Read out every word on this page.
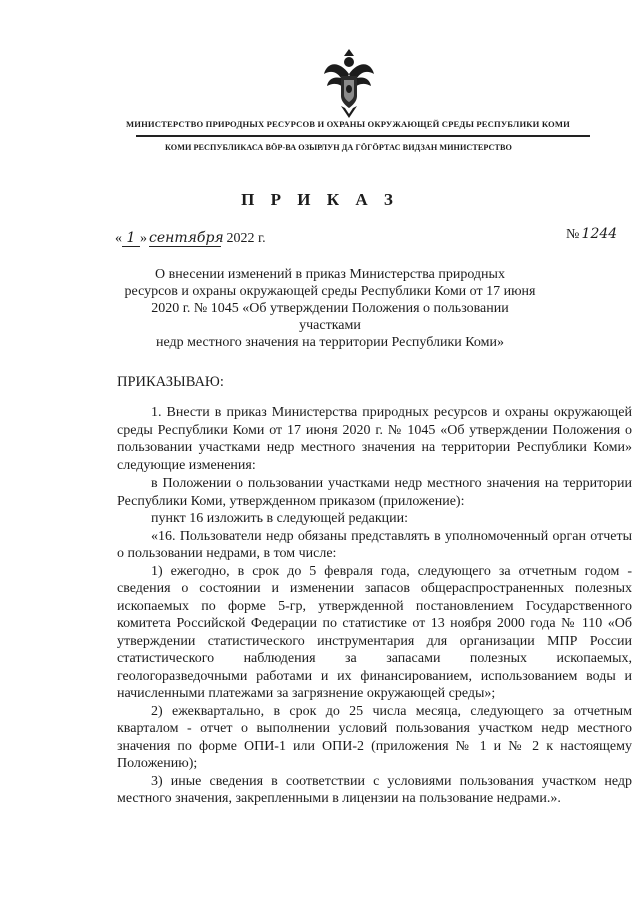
МИНИСТЕРСТВО ПРИРОДНЫХ РЕСУРСОВ И ОХРАНЫ ОКРУЖАЮЩЕЙ СРЕДЫ РЕСПУБЛИКИ КОМИ
КОМИ РЕСПУБЛИКАСА ВӦР-ВА ОЗЫРЛУН ДА ГӦГӦРТАС ВИДЗАН МИНИСТЕРСТВО
П Р И К А З
« 1 » сентября 2022 г.	№ 1244
О внесении изменений в приказ Министерства природных
ресурсов и охраны окружающей среды Республики Коми от 17 июня
2020 г. № 1045 «Об утверждении Положения о пользовании участками
недр местного значения на территории Республики Коми»
ПРИКАЗЫВАЮ:

1. Внести в приказ Министерства природных ресурсов и охраны окружающей среды Республики Коми от 17 июня 2020 г. № 1045 «Об утверждении Положения о пользовании участками недр местного значения на территории Республики Коми» следующие изменения:

в Положении о пользовании участками недр местного значения на территории Республики Коми, утвержденном приказом (приложение):

пункт 16 изложить в следующей редакции:

«16. Пользователи недр обязаны представлять в уполномоченный орган отчеты о пользовании недрами, в том числе:

1) ежегодно, в срок до 5 февраля года, следующего за отчетным годом - сведения о состоянии и изменении запасов общераспространенных полезных ископаемых по форме 5-гр, утвержденной постановлением Государственного комитета Российской Федерации по статистике от 13 ноября 2000 года № 110 «Об утверждении статистического инструментария для организации МПР России статистического наблюдения за запасами полезных ископаемых, геологоразведочными работами и их финансированием, использованием воды и начисленными платежами за загрязнение окружающей среды»;

2) ежеквартально, в срок до 25 числа месяца, следующего за отчетным кварталом - отчет о выполнении условий пользования участком недр местного значения по форме ОПИ-1 или ОПИ-2 (приложения № 1 и № 2 к настоящему Положению);

3) иные сведения в соответствии с условиями пользования участком недр местного значения, закрепленными в лицензии на пользование недрами.».
